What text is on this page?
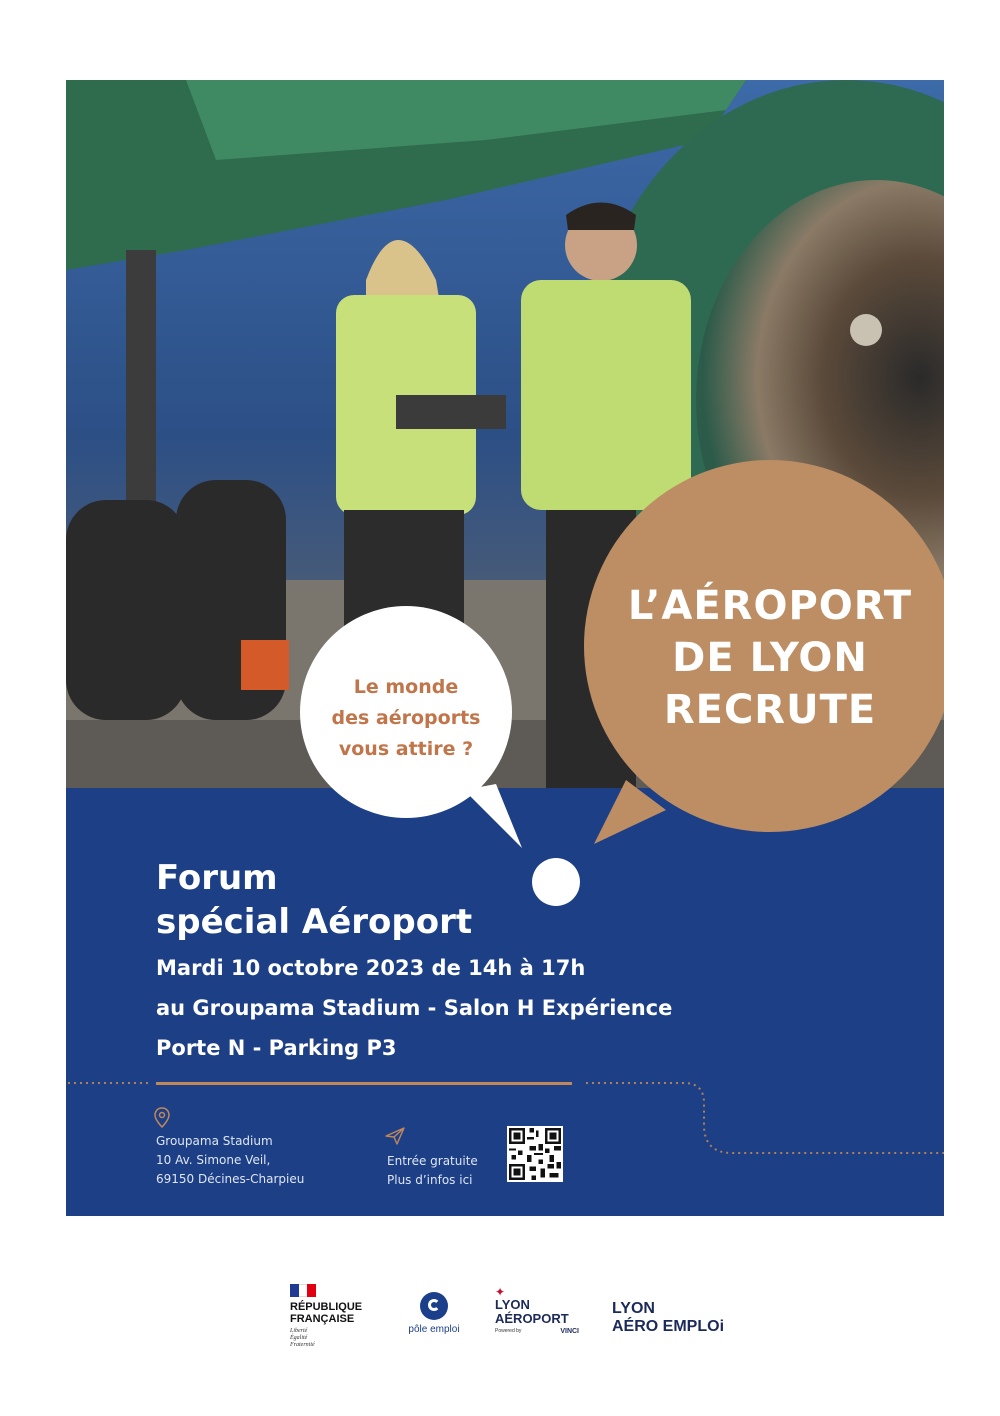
L’AÉROPORT
DE LYON
RECRUTE
Le monde
des aéroports
vous attire ?
Forum
spécial Aéroport
Mardi 10 octobre 2023 de 14h à 17h
au Groupama Stadium - Salon H Expérience
Porte N - Parking P3
Groupama Stadium
10 Av. Simone Veil,
69150 Décines-Charpieu
Entrée gratuite
Plus d’infos ici
RÉPUBLIQUE
FRANÇAISE
Liberté
Égalité
Fraternité
pôle emploi
✦
LYON
AÉROPORT
Powered by	VINCI
LYON
AÉRO EMPLOi
